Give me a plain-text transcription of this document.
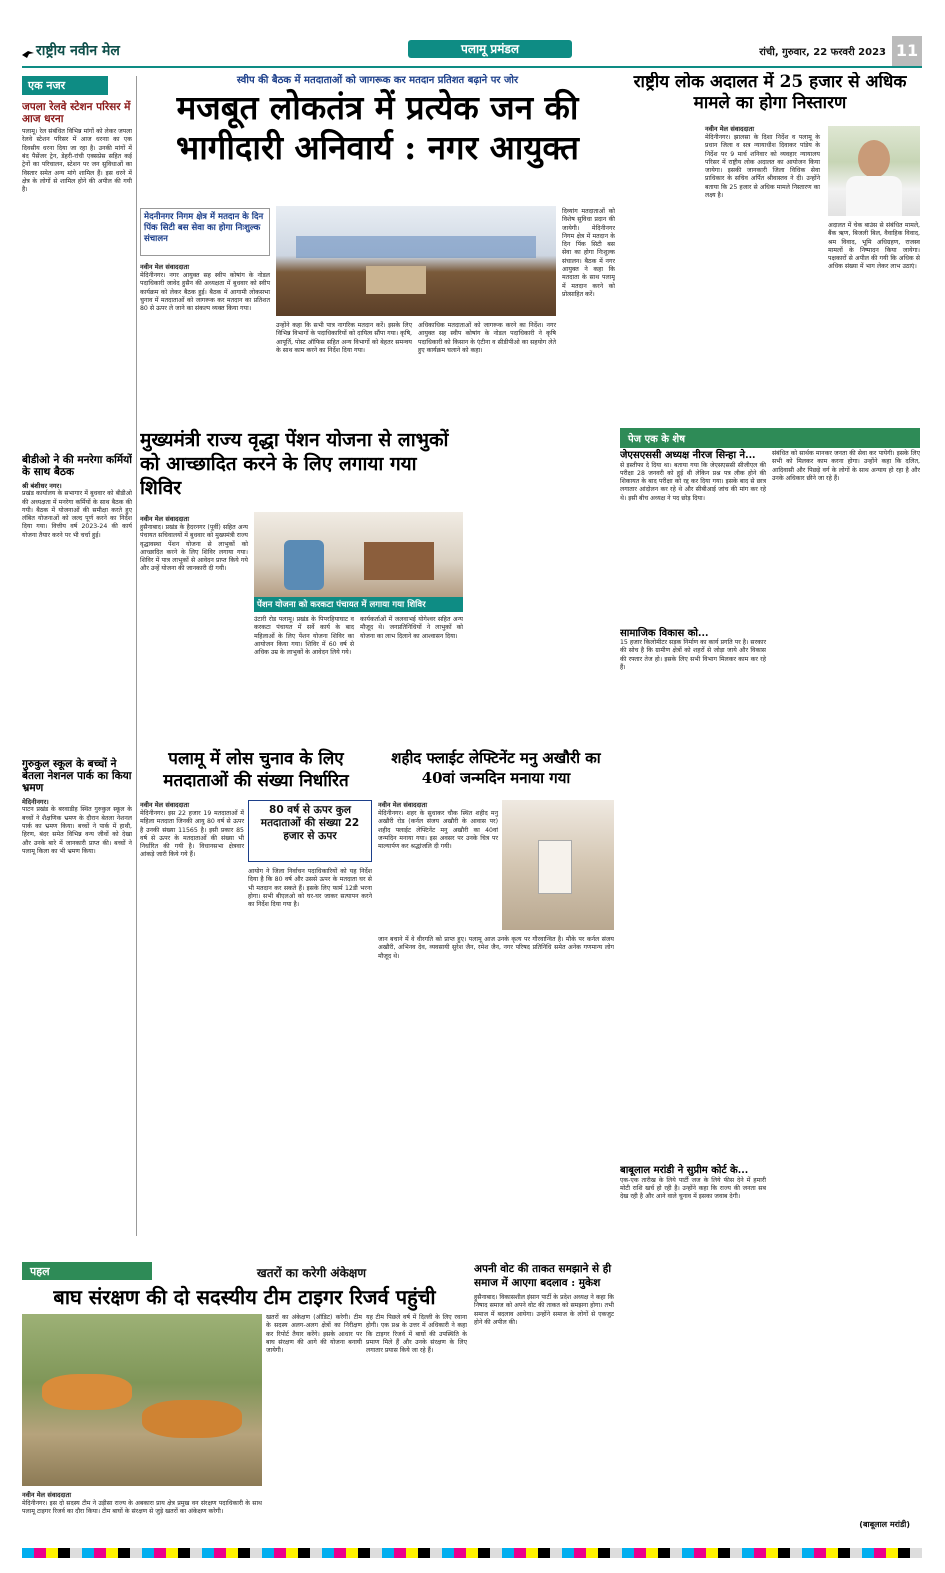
राष्ट्रीय नवीन मेल	पलामू प्रमंडल	रांची, गुरुवार, 22 फरवरी 2023 11
एक नजर
जपला रेलवे स्टेशन परिसर में आज धरना
पलामू। रेल संबंधित विभिन्न मांगों को लेकर जपला रेलवे स्टेशन परिसर में आज धरनाा का एक दिवसीय धरना दिया जा रहा है। उनकी मांगों में बंद पैसेंजर ट्रेन, डेहरी-रांची एक्सप्रेस सहित कई ट्रेनों का परिचालन, स्टेशन पर जन सुविधाओं का विस्तार समेत अन्य मांगे शामिल हैं। इस धरने में क्षेत्र के लोगों से शामिल होने की अपील की गयी है।
बीडीओ ने की मनरेगा कर्मियों के साथ बैठक
श्री बंशीधर नगर।
प्रखंड कार्यालय के सभागार में बुधवार को बीडीओ की अध्यक्षता में मनरेगा कर्मियों के साथ बैठक की गयी। बैठक में योजनाओं की समीक्षा करते हुए लंबित योजनाओं को जल्द पूर्ण करने का निर्देश दिया गया। वित्तीय वर्ष 2023-24 की कार्य योजना तैयार करने पर भी चर्चा हुई।
गुरुकुल स्कूल के बच्चों ने बेतला नेशनल पार्क का किया भ्रमण
मेदिनीनगर।
पाटन प्रखंड के बरवाडीह स्थित गुरुकुल स्कूल के बच्चों ने शैक्षणिक भ्रमण के दौरान बेतला नेशनल पार्क का भ्रमण किया। बच्चों ने पार्क में हाथी, हिरण, बंदर समेत विभिन्न वन्य जीवों को देखा और उनके बारे में जानकारी प्राप्त की। बच्चों ने पलामू किला का भी भ्रमण किया।
स्वीप की बैठक में मतदाताओं को जागरूक कर मतदान प्रतिशत बढ़ाने पर जोर
मजबूत लोकतंत्र में प्रत्येक जन की भागीदारी अनिवार्य : नगर आयुक्त
मेदनीनगर निगम क्षेत्र में मतदान के दिन पिंक सिटी बस सेवा का होगा निःशुल्क संचालन
नवीन मेल संवाददाता
मेदिनीनगर। नगर आयुक्त सह स्वीप कोषांग के नोडल पदाधिकारी जावेद हुसैन की अध्यक्षता में बुधवार को स्वीप कार्यक्रम को लेकर बैठक हुई। बैठक में आगामी लोकसभा चुनाव में मतदाताओं को जागरूक कर मतदान का प्रतिशत 80 से ऊपर ले जाने का संकल्प व्यक्त किया गया।
उन्होंने कहा कि सभी पात्र नागरिक मतदान करें। इसके लिए विभिन्न विभागों के पदाधिकारियों को दायित्व सौंपा गया। कृषि, आपूर्ति, पोस्ट ऑफिस सहित अन्य विभागों को बेहतर समन्वय के साथ काम करने का निर्देश दिया गया।
अधिकाधिक मतदाताओं को जागरूक करने का निर्देश। नगर आयुक्त सह स्वीप कोषांग के नोडल पदाधिकारी ने कृषि पदाधिकारी को किसान के एंटीना व सीडीपीओ का सहयोग लेते हुए कार्यक्रम चलाने को कहा।
दिव्यांग मतदाताओं को विशेष सुविधा प्रदान की जायेगी। मेदिनीनगर निगम क्षेत्र में मतदान के दिन पिंक सिटी बस सेवा का होगा निःशुल्क संचालन। बैठक में नगर आयुक्त ने कहा कि मतदाता के साथ पलामू में मतदान करने को प्रोत्साहित करें।
राष्ट्रीय लोक अदालत में 25 हजार से अधिक मामले का होगा निस्तारण
नवीन मेल संवाददाता
मेदिनीनगर। झालसा के दिशा निर्देश व पलामू के प्रधान जिला व सत्र न्यायाधीश दिवाकर पांडेय के निर्देश पर 9 मार्च शनिवार को व्यवहार न्यायालय परिसर में राष्ट्रीय लोक अदालत का आयोजन किया जायेगा। इसकी जानकारी जिला विधिक सेवा प्राधिकार के सचिव अर्पित श्रीवास्तव ने दी। उन्होंने बताया कि 25 हजार से अधिक मामले निस्तारण का लक्ष्य है।
अदालत में चेक बाउंस से संबंधित मामले, बैंक ऋण, बिजली बिल, वैवाहिक विवाद, श्रम विवाद, भूमि अधिग्रहण, राजस्व मामलों के निष्पादन किया जायेगा। पक्षकारों से अपील की गयी कि अधिक से अधिक संख्या में भाग लेकर लाभ उठाएं।
मुख्यमंत्री राज्य वृद्धा पेंशन योजना से लाभुकों को आच्छादित करने के लिए लगाया गया शिविर
नवीन मेल संवाददाता
हुसैनाबाद। प्रखंड के हैदरनगर (पूर्वी) सहित अन्य पंचायत सचिवालयों में बुधवार को मुख्यमंत्री राज्य वृद्धावस्था पेंशन योजना से लाभुकों को आच्छादित करने के लिए शिविर लगाया गया। शिविर में पात्र लाभुकों से आवेदन प्राप्त किये गये और उन्हें योजना की जानकारी दी गयी।
पेंशन योजना को करकटा पंचायत में लगाया गया शिविर
उंटारी रोड पलामू। प्रखंड के पिपरहियाघाट व करकटा पंचायत में सर्वे कार्य के बाद महिलाओं के लिए पेंशन योजना शिविर का आयोजन किया गया। शिविर में 60 वर्ष से अधिक उम्र के लाभुकों के आवेदन लिये गये।
कार्यकर्ताओं में जलवाभई योगेश्वर सहित अन्य मौजूद थे। जनप्रतिनिधियों ने लाभुकों को योजना का लाभ दिलाने का आश्वासन दिया।
पेज एक के शेष
जेएसएससी अध्यक्ष नीरज सिन्हा ने...
से इस्तीफा दे दिया था। बताया गया कि जेएसएससी सीजीएल की परीक्षा 28 जनवरी को हुई थी लेकिन प्रश्न पत्र लीक होने की शिकायत के बाद परीक्षा को रद्द कर दिया गया। इसके बाद से छात्र लगातार आंदोलन कर रहे थे और सीबीआई जांच की मांग कर रहे थे। इसी बीच अध्यक्ष ने पद छोड़ दिया।
सामाजिक विकास को...
15 हजार किलोमीटर सड़क निर्माण का कार्य प्रगति पर है। सरकार की सोच है कि ग्रामीण क्षेत्रों को शहरों से जोड़ा जाये और विकास की रफ्तार तेज हो। इसके लिए सभी विभाग मिलकर काम कर रहे हैं।
बाबूलाल मरांडी ने सुप्रीम कोर्ट के...
एक-एक तारीख के लिये पार्टी जज के लिये फीस देने में हमारी मोटी राशि खर्च हो रही है। उन्होंने कहा कि राज्य की जनता सब देख रही है और आने वाले चुनाव में इसका जवाब देगी।
संबंधित को सार्थक मानकर जनता की सेवा कर पायेगी। इसके लिए सभी को मिलकर काम करना होगा। उन्होंने कहा कि दलित, आदिवासी और पिछड़े वर्ग के लोगों के साथ अन्याय हो रहा है और उनके अधिकार छीने जा रहे हैं।
(बाबूलाल मरांडी)
पलामू में लोस चुनाव के लिए मतदाताओं की संख्या निर्धारित
नवीन मेल संवाददाता	80 वर्ष से ऊपर कुल मतदाताओं की संख्या 22 हजार से ऊपर
मेदिनीनगर। इस 22 हजार 19 मतदाताओं में महिला मतदाता जिनकी आयु 80 वर्ष से ऊपर है उनकी संख्या 11565 है। इसी प्रकार 85 वर्ष से ऊपर के मतदाताओं की संख्या भी निर्धारित की गयी है। विधानसभा क्षेत्रवार आंकड़े जारी किये गये हैं।
आयोग ने जिला निर्वाचन पदाधिकारियों को यह निर्देश दिया है कि 80 वर्ष और उससे ऊपर के मतदाता घर से भी मतदान कर सकते हैं। इसके लिए फार्म 12डी भरना होगा। सभी बीएलओ को घर-घर जाकर सत्यापन करने का निर्देश दिया गया है।
शहीद फ्लाईट लेफ्टिनेंट मनु अखौरी का 40वां जन्मदिन मनाया गया
नवीन मेल संवाददाता
मेदिनीनगर। शहर के सुधाकर चौक स्थित शहीद मनु अखौरी रोड (कर्नल संजय अखौरी के आवास पर) शहीद फ्लाईट लेफ्टिनेंट मनु अखौरी का 40वां जन्मदिन मनाया गया। इस अवसर पर उनके चित्र पर माल्यार्पण कर श्रद्धांजलि दी गयी।
जान बचाने में वे वीरगति को प्राप्त हुए। पलामू आज उनके कृत्य पर गौरवान्वित है। मौके पर कर्नल संजय अखौरी, अभिनव देव, व्यवसायी सुरेश जैन, रमेश जैन, नगर परिषद प्रतिनिधि समेत अनेक गणमान्य लोग मौजूद थे।
पहल	खतरों का करेगी अंकेक्षण
बाघ संरक्षण की दो सदस्यीय टीम टाइगर रिजर्व पहुंची
नवीन मेल संवाददाता
मेदिनीनगर। इस दो सदस्य टीम ने उड़ीसा राज्य के अबकारा प्राय क्षेत्र प्रमुख वन संरक्षण पदाधिकारी के साथ पलामू टाइगर रिजर्व का दौरा किया। टीम बाघों के संरक्षण से जुड़े खतरों का अंकेक्षण करेगी।
खतरों का अंकेक्षण (ऑडिट) करेगी। टीम के सदस्य अलग-अलग क्षेत्रों का निरीक्षण कर रिपोर्ट तैयार करेंगे। इसके आधार पर बाघ संरक्षण की आगे की योजना बनायी जायेगी।
यह टीम पिछले वर्ष में दिल्ली के लिए रवाना होगी। एक प्रश्न के उत्तर में अधिकारी ने कहा कि टाइगर रिजर्व में बाघों की उपस्थिति के प्रमाण मिले हैं और उनके संरक्षण के लिए लगातार प्रयास किये जा रहे हैं।
अपनी वोट की ताकत समझाने से ही समाज में आएगा बदलाव : मुकेश
हुसैनाबाद। विकासशील इंसान पार्टी के प्रदेश अध्यक्ष ने कहा कि निषाद समाज को अपने वोट की ताकत को समझना होगा। तभी समाज में बदलाव आयेगा। उन्होंने समाज के लोगों से एकजुट होने की अपील की।
